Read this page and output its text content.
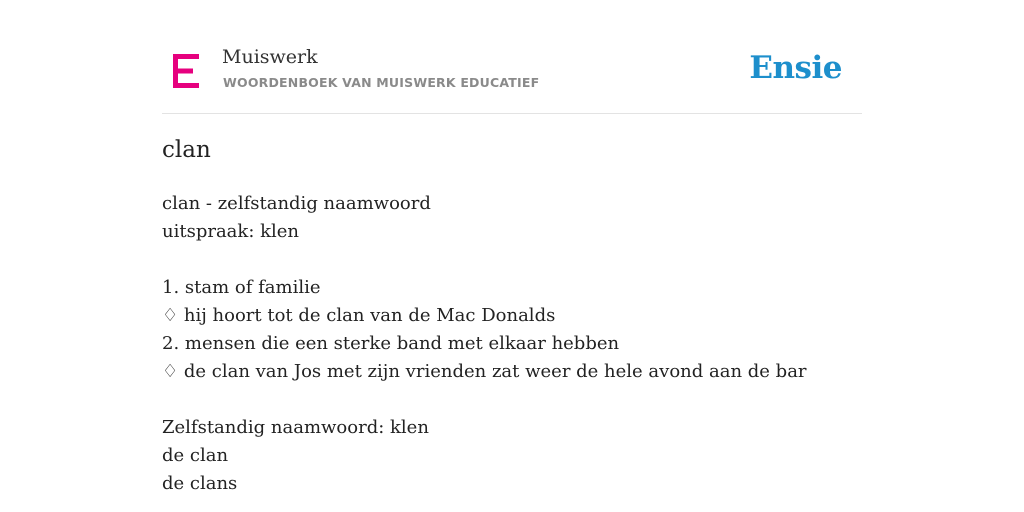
Muiswerk
WOORDENBOEK VAN MUISWERK EDUCATIEF	Ensie
clan
clan - zelfstandig naamwoord
uitspraak: klen
1. stam of familie
♢ hij hoort tot de clan van de Mac Donalds
2. mensen die een sterke band met elkaar hebben
♢ de clan van Jos met zijn vrienden zat weer de hele avond aan de bar
Zelfstandig naamwoord: klen
de clan
de clans
